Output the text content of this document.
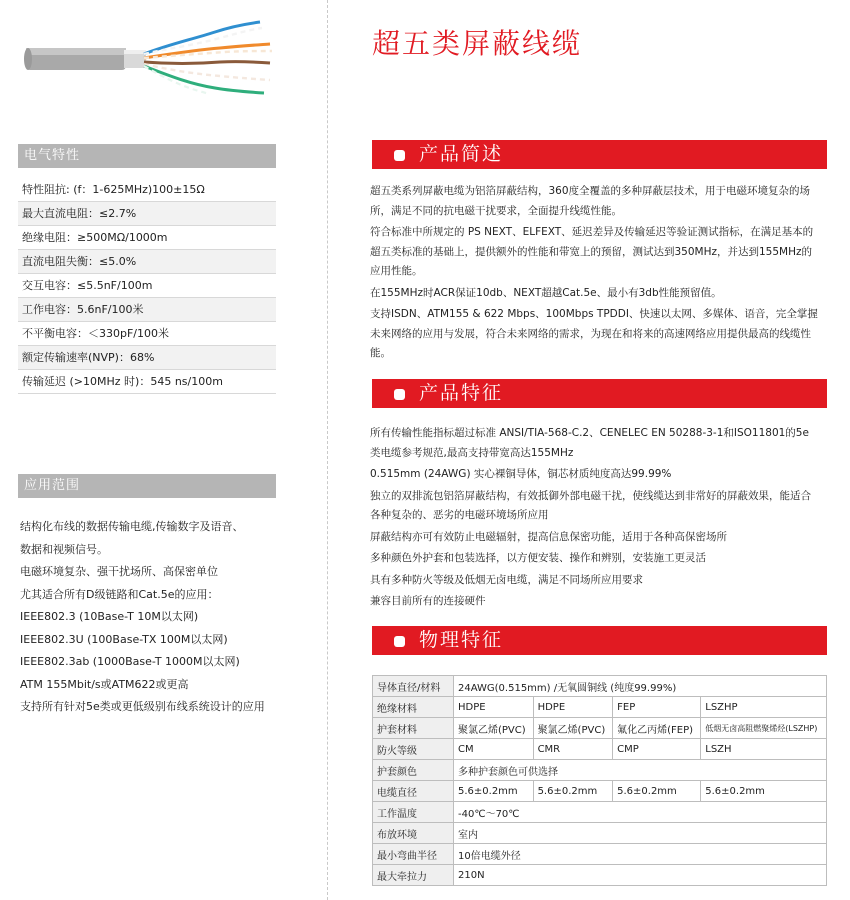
电气特性
特性阻抗: (f：1-625MHz)100±15Ω
最大直流电阻：≤2.7%
绝缘电阻：≥500MΩ/1000m
直流电阻失衡：≤5.0%
交互电容：≤5.5nF/100m
工作电容：5.6nF/100米
不平衡电容：＜330pF/100米
额定传输速率(NVP)：68%
传输延迟 (>10MHz 时)：545 ns/100m
应用范围
结构化布线的数据传输电缆,传输数字及语音、
数据和视频信号。
电磁环境复杂、强干扰场所、高保密单位
尤其适合所有D级链路和Cat.5e的应用：
IEEE802.3 (10Base-T 10M以太网)
IEEE802.3U (100Base-TX 100M以太网)
IEEE802.3ab (1000Base-T 1000M以太网)
ATM 155Mbit/s或ATM622或更高
支持所有针对5e类或更低级别布线系统设计的应用
超五类屏蔽线缆
产品简述

超五类系列屏蔽电缆为铝箔屏蔽结构，360度全覆盖的多种屏蔽层技术，用于电磁环境复杂的场所，满足不同的抗电磁干扰要求，全面提升线缆性能。

符合标准中所规定的 PS NEXT、ELFEXT、延迟差异及传输延迟等验证测试指标，在满足基本的超五类标准的基础上，提供额外的性能和带宽上的预留，测试达到350MHz，并达到155MHz的应用性能。

在155MHz时ACR保证10db、NEXT超越Cat.5e、最小有3db性能预留值。

支持ISDN、ATM155 & 622 Mbps、100Mbps TPDDI、快速以太网、多媒体、语音，完全掌握未来网络的应用与发展，符合未来网络的需求，为现在和将来的高速网络应用提供最高的线缆性能。

产品特征

所有传输性能指标超过标准 ANSI/TIA-568-C.2、CENELEC EN 50288-3-1和ISO11801的5e类电缆参考规范,最高支持带宽高达155MHz

0.515mm (24AWG) 实心裸铜导体，铜芯材质纯度高达99.99%

独立的双排流包铝箔屏蔽结构，有效抵御外部电磁干扰，使线缆达到非常好的屏蔽效果，能适合各种复杂的、恶劣的电磁环境场所应用

屏蔽结构亦可有效防止电磁辐射，提高信息保密功能，适用于各种高保密场所

多种颜色外护套和包装选择，以方便安装、操作和辨别，安装施工更灵活

具有多种防火等级及低烟无卤电缆，满足不同场所应用要求

兼容目前所有的连接硬件

物理特征
导体直径/材料	24AWG(0.515mm) /无氧圆铜线 (纯度99.99%)			
绝缘材料	HDPE	HDPE	FEP	LSZHP
护套材料	聚氯乙烯(PVC)	聚氯乙烯(PVC)	氟化乙丙烯(FEP)	低烟无卤高阻燃聚烯烃(LSZHP)
防火等级	CM	CMR	CMP	LSZH
护套颜色	多种护套颜色可供选择			
电缆直径	5.6±0.2mm	5.6±0.2mm	5.6±0.2mm	5.6±0.2mm
工作温度	-40℃～70℃			
布放环境	室内			
最小弯曲半径	10倍电缆外径			
最大牵拉力	210N			
